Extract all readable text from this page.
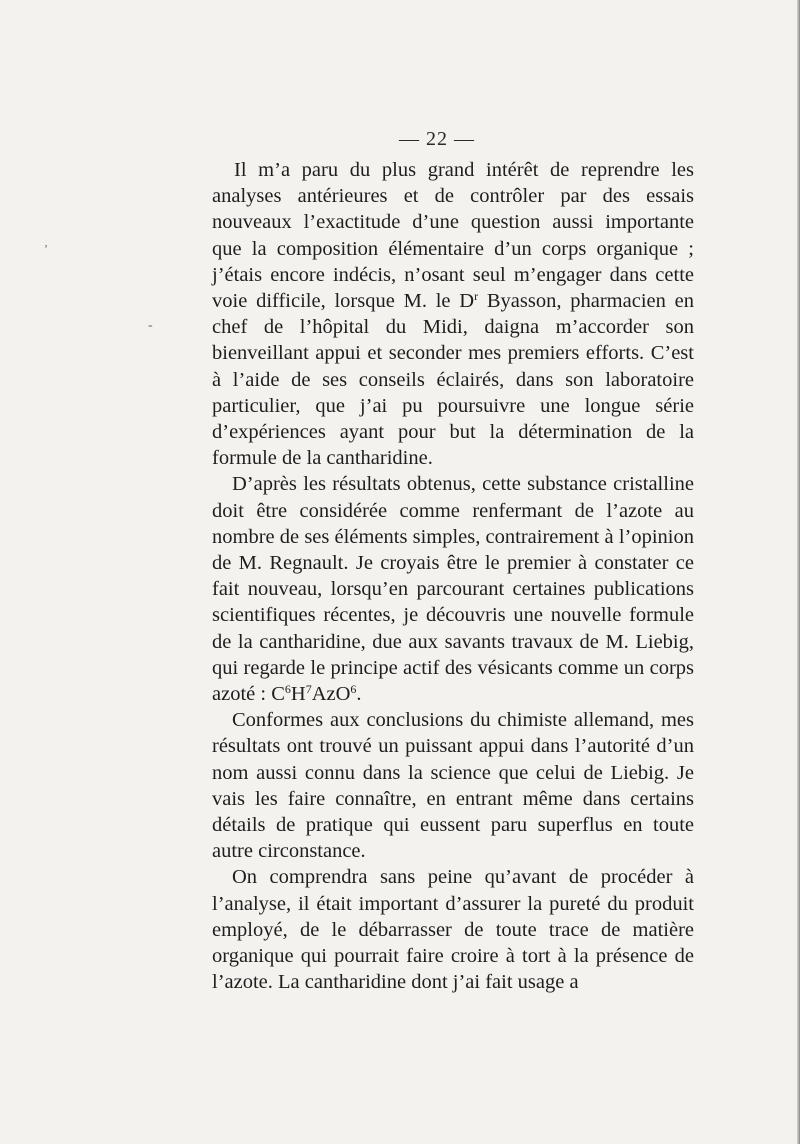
— 22 —
‚
-

Il m’a paru du plus grand intérêt de reprendre les analyses antérieures et de contrôler par des essais nouveaux l’exactitude d’une question aussi importante que la composition élémentaire d’un corps organique ; j’étais encore indécis, n’osant seul m’engager dans cette voie difficile, lorsque M. le $D^r$ Byasson, pharmacien en chef de l’hôpital du Midi, daigna m’accorder son bienveillant appui et seconder mes premiers efforts. C’est à l’aide de ses conseils éclairés, dans son laboratoire particulier, que j’ai pu poursuivre une longue série d’expériences ayant pour but la détermination de la formule de la cantharidine.

D’après les résultats obtenus, cette substance cristalline doit être considérée comme renfermant de l’azote au nombre de ses éléments simples, contrairement à l’opinion de M. Regnault. Je croyais être le premier à constater ce fait nouveau, lorsqu’en parcourant certaines publications scientifiques récentes, je découvris une nouvelle formule de la cantharidine, due aux savants travaux de M. Liebig, qui regarde le principe actif des vésicants comme un corps azoté : $C^6H^7AzO^6$.

Conformes aux conclusions du chimiste allemand, mes résultats ont trouvé un puissant appui dans l’autorité d’un nom aussi connu dans la science que celui de Liebig. Je vais les faire connaître, en entrant même dans certains détails de pratique qui eussent paru superflus en toute autre circonstance.

On comprendra sans peine qu’avant de procéder à l’analyse, il était important d’assurer la pureté du produit employé, de le débarrasser de toute trace de matière organique qui pourrait faire croire à tort à la présence de l’azote. La cantharidine dont j’ai fait usage a
